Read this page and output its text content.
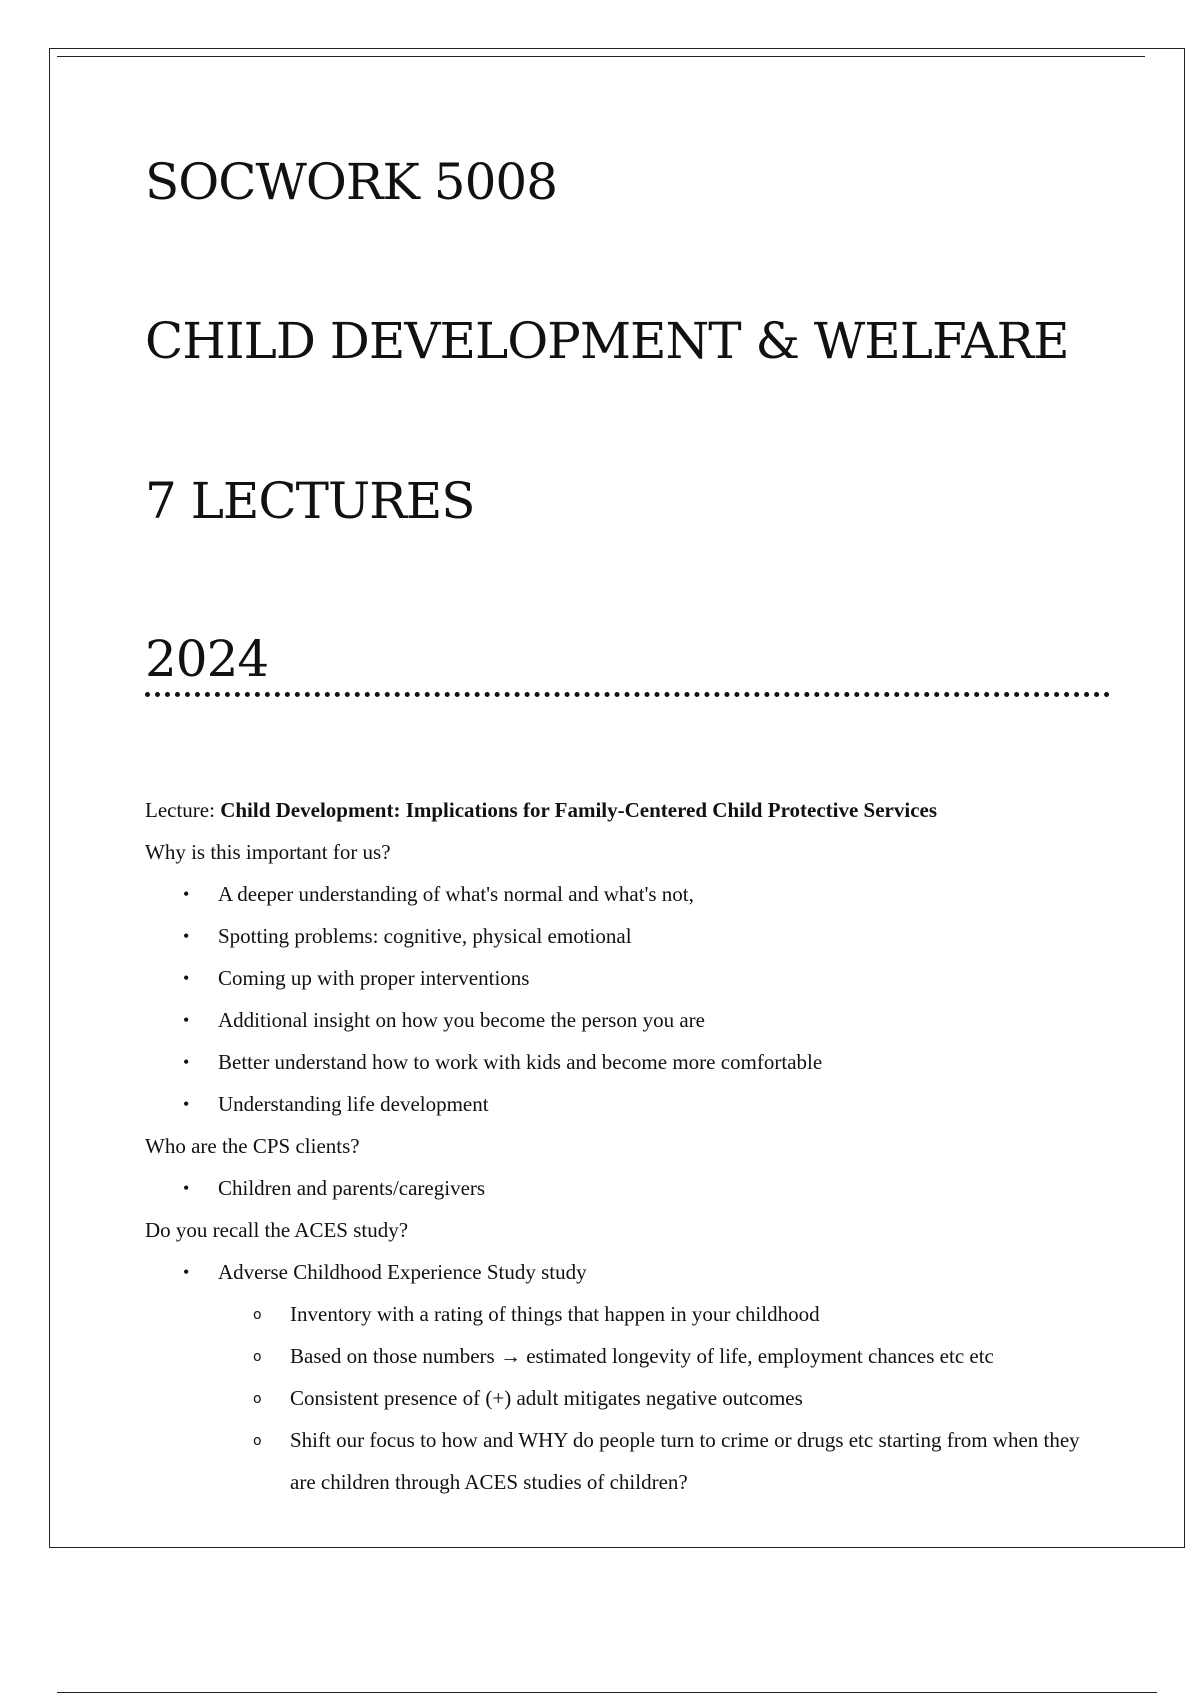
SOCWORK 5008
CHILD DEVELOPMENT & WELFARE
7 LECTURES
2024
Lecture: Child Development: Implications for Family-Centered Child Protective Services
Why is this important for us?
• A deeper understanding of what's normal and what's not,
• Spotting problems: cognitive, physical emotional
• Coming up with proper interventions
• Additional insight on how you become the person you are
• Better understand how to work with kids and become more comfortable
• Understanding life development
Who are the CPS clients?
• Children and parents/caregivers
Do you recall the ACES study?
• Adverse Childhood Experience Study study
o Inventory with a rating of things that happen in your childhood
o Based on those numbers → estimated longevity of life, employment chances etc etc
o Consistent presence of (+) adult mitigates negative outcomes
o Shift our focus to how and WHY do people turn to crime or drugs etc starting from when they are children through ACES studies of children?
